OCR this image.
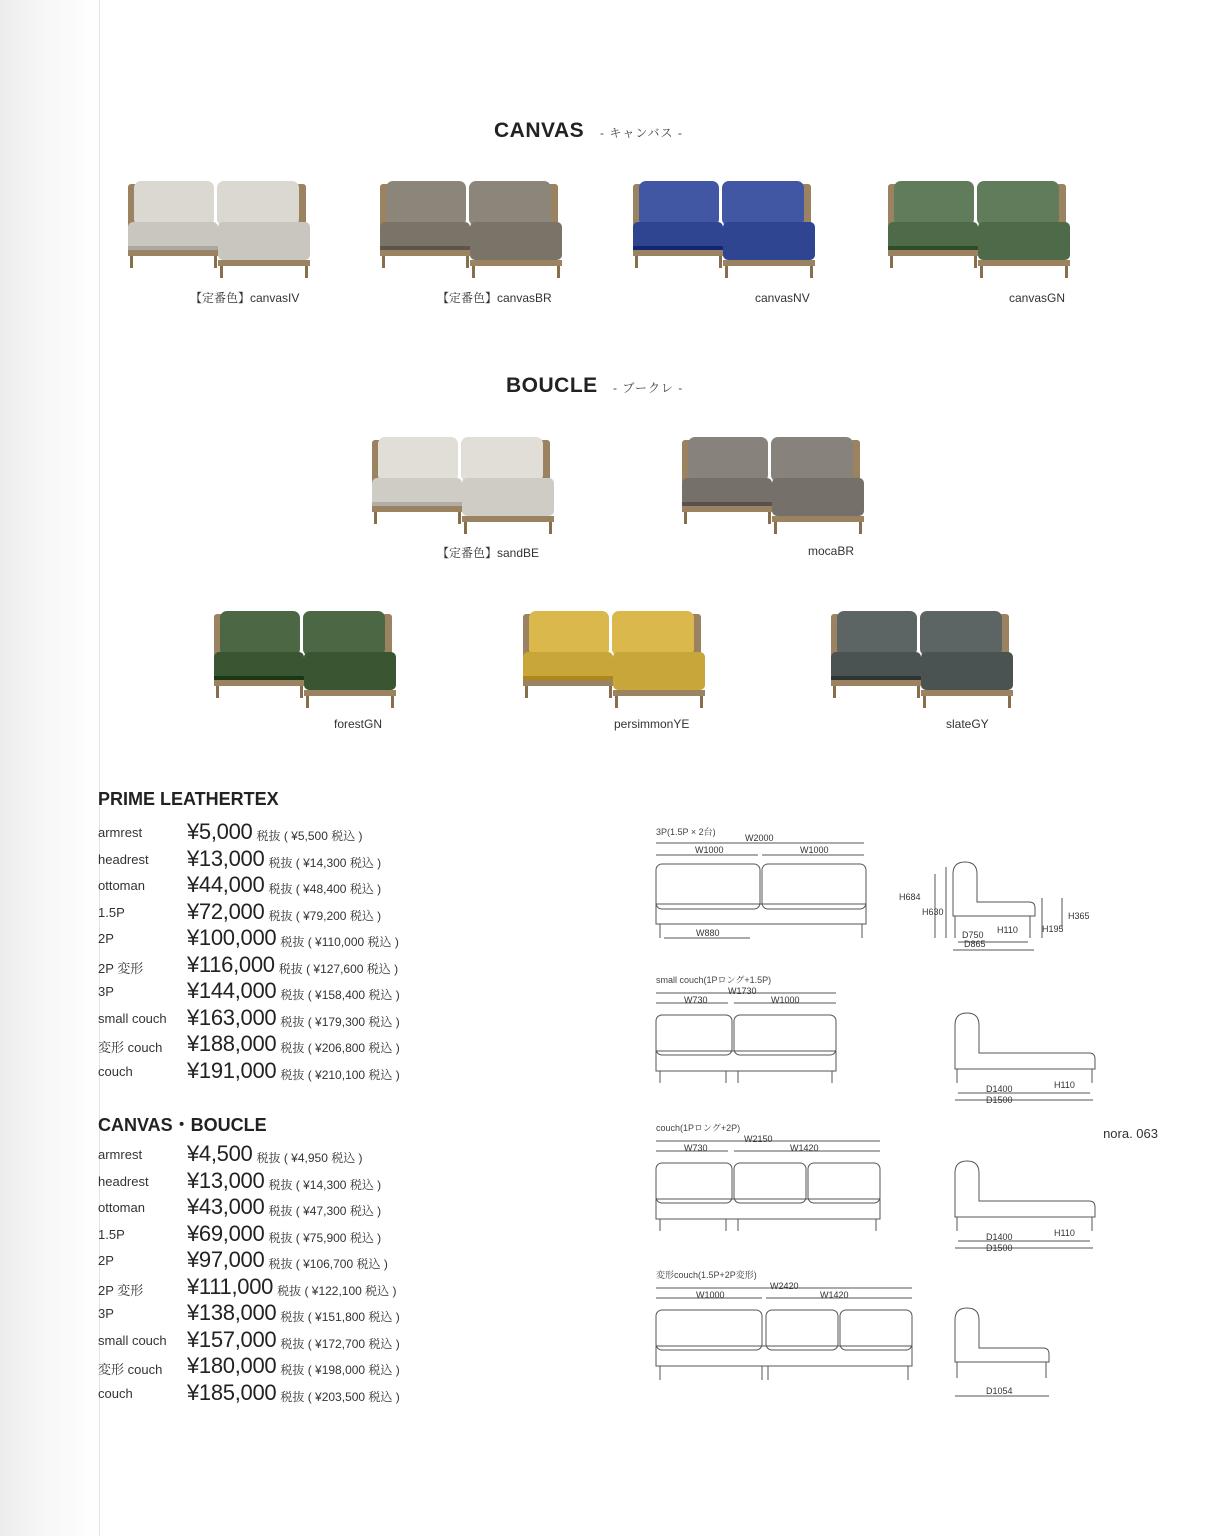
CANVAS - キャンバス -
【定番色】canvasIV	【定番色】canvasBR	canvasNV	canvasGN
BOUCLE - ブークレ -
【定番色】sandBE	mocaBR
forestGN	persimmonYE	slateGY
PRIME LEATHERTEX
armrest ¥5,000 税抜 ( ¥5,500 税込 )
headrest ¥13,000 税抜 ( ¥14,300 税込 )
ottoman ¥44,000 税抜 ( ¥48,400 税込 )
1.5P	¥72,000 税抜 ( ¥79,200 税込 )
2P	¥100,000 税抜 ( ¥110,000 税込 )
2P 変形 ¥116,000 税抜 ( ¥127,600 税込 )
3P	¥144,000 税抜 ( ¥158,400 税込 )
small couch ¥163,000 税抜 ( ¥179,300 税込 )
変形 couch ¥188,000 税抜 ( ¥206,800 税込 )
couch ¥191,000 税抜 ( ¥210,100 税込 )
CANVAS・BOUCLE
armrest ¥4,500 税抜 ( ¥4,950 税込 )
headrest ¥13,000 税抜 ( ¥14,300 税込 )
ottoman ¥43,000 税抜 ( ¥47,300 税込 )
1.5P	¥69,000 税抜 ( ¥75,900 税込 )
2P	¥97,000 税抜 ( ¥106,700 税込 )
2P 変形 ¥111,000 税抜 ( ¥122,100 税込 )
3P	¥138,000 税抜 ( ¥151,800 税込 )
small couch ¥157,000 税抜 ( ¥172,700 税込 )
変形 couch ¥180,000 税抜 ( ¥198,000 税込 )
couch ¥185,000 税抜 ( ¥203,500 税込 )
3P(1.5P × 2台)
W2000
W1000	W1000
W880
H684
H630	H365
H195
H110
D750
D865
small couch(1Pロング+1.5P)
W1730
W730	W1000
D1400
D1500
H110
couch(1Pロング+2P)
W2150
W730	W1420
D1400
D1500
H110
変形couch(1.5P+2P変形)
W2420
W1000	W1420
D1054
nora. 063
